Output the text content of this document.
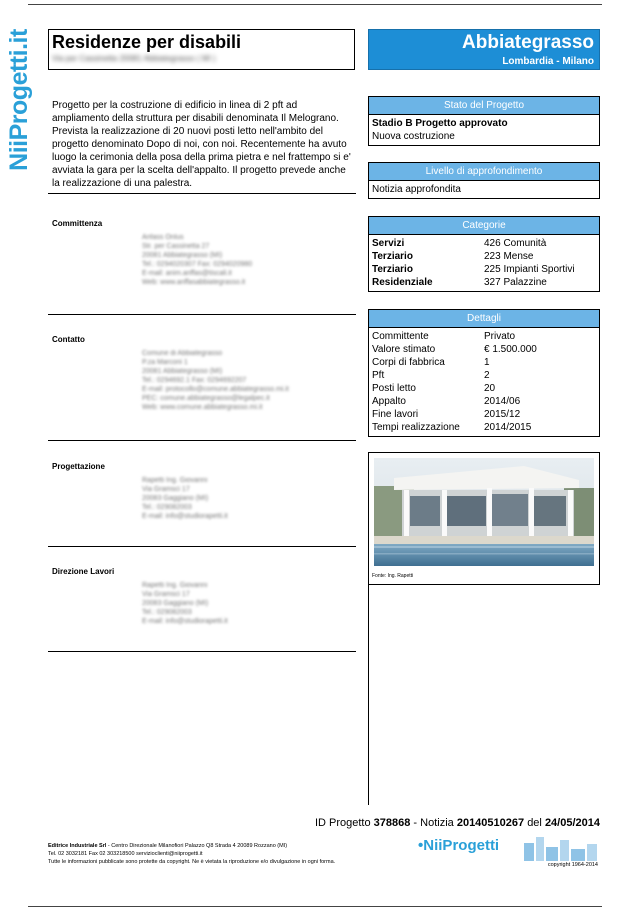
NiiProgetti.it Residenze per disabili
Via per Cassinetta 20081 Abbiategrasso ( MI )
Abbiategrasso
Lombardia - Milano
Progetto per la costruzione di edificio in linea di 2 pft ad ampliamento della struttura per disabili denominata Il Melograno. Prevista la realizzazione di 20 nuovi posti letto nell'ambito del progetto denominato Dopo di noi, con noi. Recentemente ha avuto luogo la cerimonia della posa della prima pietra e nel frattempo si e' avviata la gara per la scelta dell'appalto. Il progetto prevede anche la realizzazione di una palestra.
Committenza
Anfass Onlus
Str. per Cassinetta 27
20081 Abbiategrasso (MI)
Tel.: 0294020307 Fax: 0294020980
E-mail: anim.anffas@tiscali.it
Web: www.anffasabbiategrasso.it
Contatto
Comune di Abbiategrasso
P.za Marconi 1
20081 Abbiategrasso (MI)
Tel.: 0294692.1 Fax: 0294692207
E-mail: protocollo@comune.abbiategrasso.mi.it
PEC: comune.abbiategrasso@legalpec.it
Web: www.comune.abbiategrasso.mi.it
Progettazione
Rapetti Ing. Giovanni
Via Gramsci 17
20083 Gaggiano (MI)
Tel.: 029082003
E-mail: info@studiorapetti.it
Direzione Lavori
Rapetti Ing. Giovanni
Via Gramsci 17
20083 Gaggiano (MI)
Tel.: 029082003
E-mail: info@studiorapetti.it
Stato del Progetto
Stadio B Progetto approvato
Nuova costruzione
Livello di approfondimento
Notizia approfondita
Categorie
Servizi	426 Comunità
Terziario	223 Mense
Terziario	225 Impianti Sportivi
Residenziale	327 Palazzine
Dettagli
Committente	Privato
Valore stimato	€ 1.500.000
Corpi di fabbrica	1
Pft	2
Posti letto	20
Appalto	2014/06
Fine lavori	2015/12
Tempi realizzazione	2014/2015
Fonte: Ing. Rapetti
ID Progetto 378868 - Notizia 20140510267 del 24/05/2014
Editrice Industriale Srl - Centro Direzionale Milanofiori Palazzo Q8 Strada 4 20089 Rozzano (MI)
Tel. 02 3032181 Fax 02 303218500 servizioclienti@niiprogetti.it
Tutte le informazioni pubblicate sono protette da copyright. Ne è vietata la riproduzione e/o divulgazione in ogni forma.
•NiiProgetti
copyright 1964-2014
